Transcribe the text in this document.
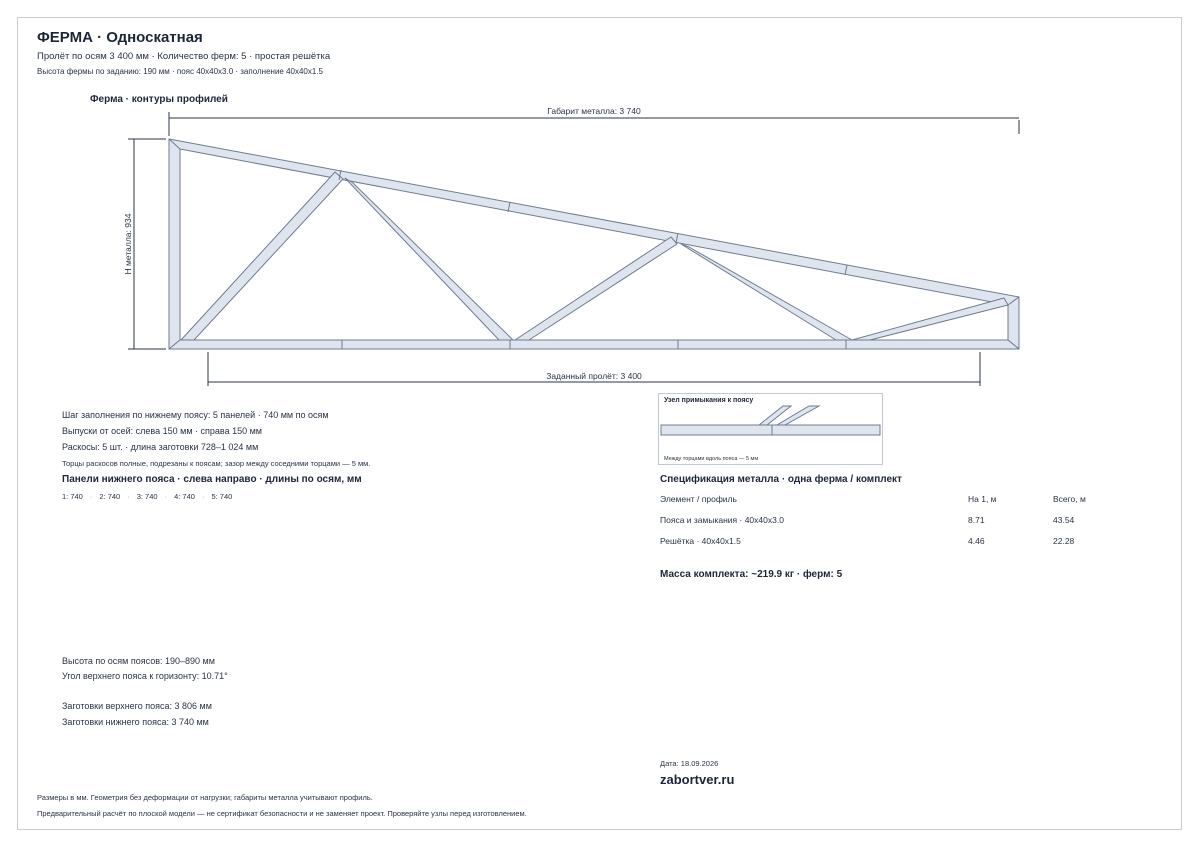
ФЕРМА · Односкатная
Пролёт по осям 3 400 мм · Количество ферм: 5 · простая решётка
Высота фермы по заданию: 190 мм · пояс 40x40x3.0 · заполнение 40x40x1.5
Ферма · контуры профилей
Габарит металла: 3 740
Заданный пролёт: 3 400
H металла: 934
Шаг заполнения по нижнему поясу: 5 панелей · 740 мм по осям
Выпуски от осей: слева 150 мм · справа 150 мм
Раскосы: 5 шт. · длина заготовки 728–1 024 мм
Торцы раскосов полные, подрезаны к поясам; зазор между соседними торцами — 5 мм.
Панели нижнего пояса · слева направо · длины по осям, мм
1: 740 · 2: 740 · 3: 740 · 4: 740 · 5: 740
Узел примыкания к поясу
Между торцами вдоль пояса — 5 мм
Спецификация металла · одна ферма / комплект
Элемент / профиль	На 1, м	Всего, м
Пояса и замыкания · 40x40x3.0	8.71	43.54
Решётка · 40x40x1.5	4.46	22.28
Масса комплекта: ~219.9 кг · ферм: 5
Высота по осям поясов: 190–890 мм
Угол верхнего пояса к горизонту: 10.71°
Заготовки верхнего пояса: 3 806 мм
Заготовки нижнего пояса: 3 740 мм
Дата: 18.09.2026
zabortver.ru
Размеры в мм. Геометрия без деформации от нагрузки; габариты металла учитывают профиль.
Предварительный расчёт по плоской модели — не сертификат безопасности и не заменяет проект. Проверяйте узлы перед изготовлением.
